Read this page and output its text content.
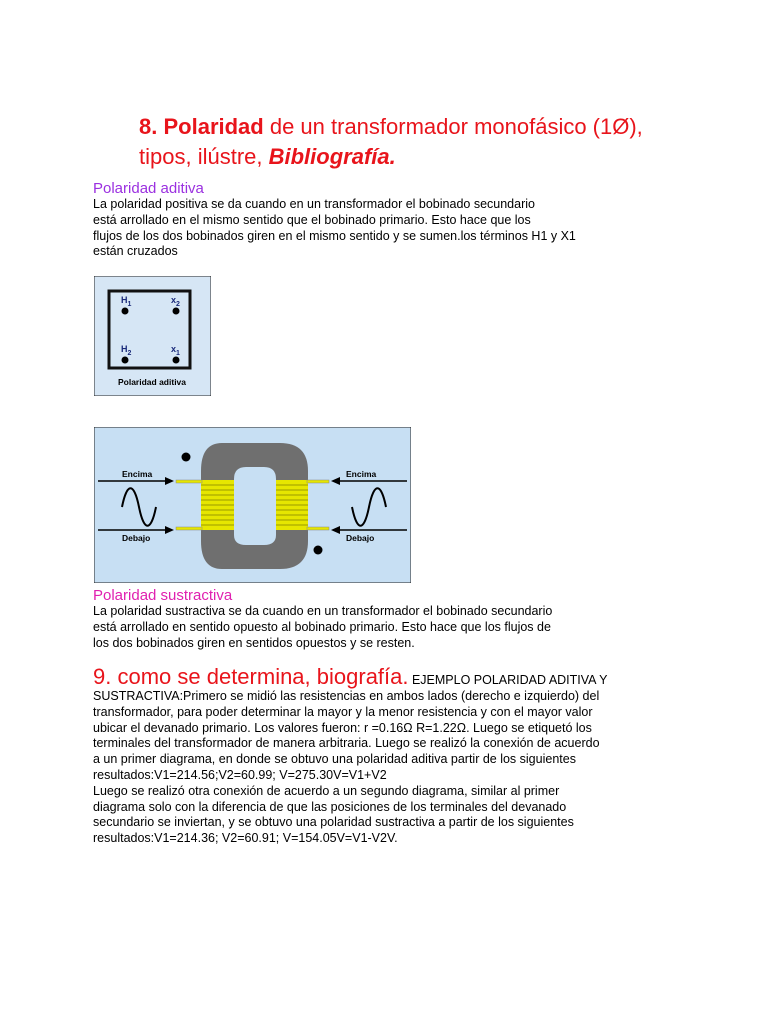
8. Polaridad de un transformador monofásico (1Ø),
tipos, ilústre, Bibliografía.
Polaridad aditiva
La polaridad positiva se da cuando en un transformador el bobinado secundario
está arrollado en el mismo sentido que el bobinado primario. Esto hace que los
flujos de los dos bobinados giren en el mismo sentido y se sumen.los términos H1 y X1
están cruzados
$H_1$	$x_2$
$H_2$	$x_1$
Polaridad aditiva
Encima
Debajo
Encima
Debajo
Polaridad sustractiva
La polaridad sustractiva se da cuando en un transformador el bobinado secundario
está arrollado en sentido opuesto al bobinado primario. Esto hace que los flujos de
los dos bobinados giren en sentidos opuestos y se resten.
9. como se determina, biografía. EJEMPLO POLARIDAD ADITIVA Y
SUSTRACTIVA:Primero se midió las resistencias en ambos lados (derecho e izquierdo) del
transformador, para poder determinar la mayor y la menor resistencia y con el mayor valor
ubicar el devanado primario. Los valores fueron: r =0.16Ω R=1.22Ω. Luego se etiquetó los
terminales del transformador de manera arbitraria. Luego se realizó la conexión de acuerdo
a un primer diagrama, en donde se obtuvo una polaridad aditiva partir de los siguientes
resultados:V1=214.56;V2=60.99; V=275.30V=V1+V2
Luego se realizó otra conexión de acuerdo a un segundo diagrama, similar al primer
diagrama solo con la diferencia de que las posiciones de los terminales del devanado
secundario se inviertan, y se obtuvo una polaridad sustractiva a partir de los siguientes
resultados:V1=214.36; V2=60.91; V=154.05V=V1-V2V.
